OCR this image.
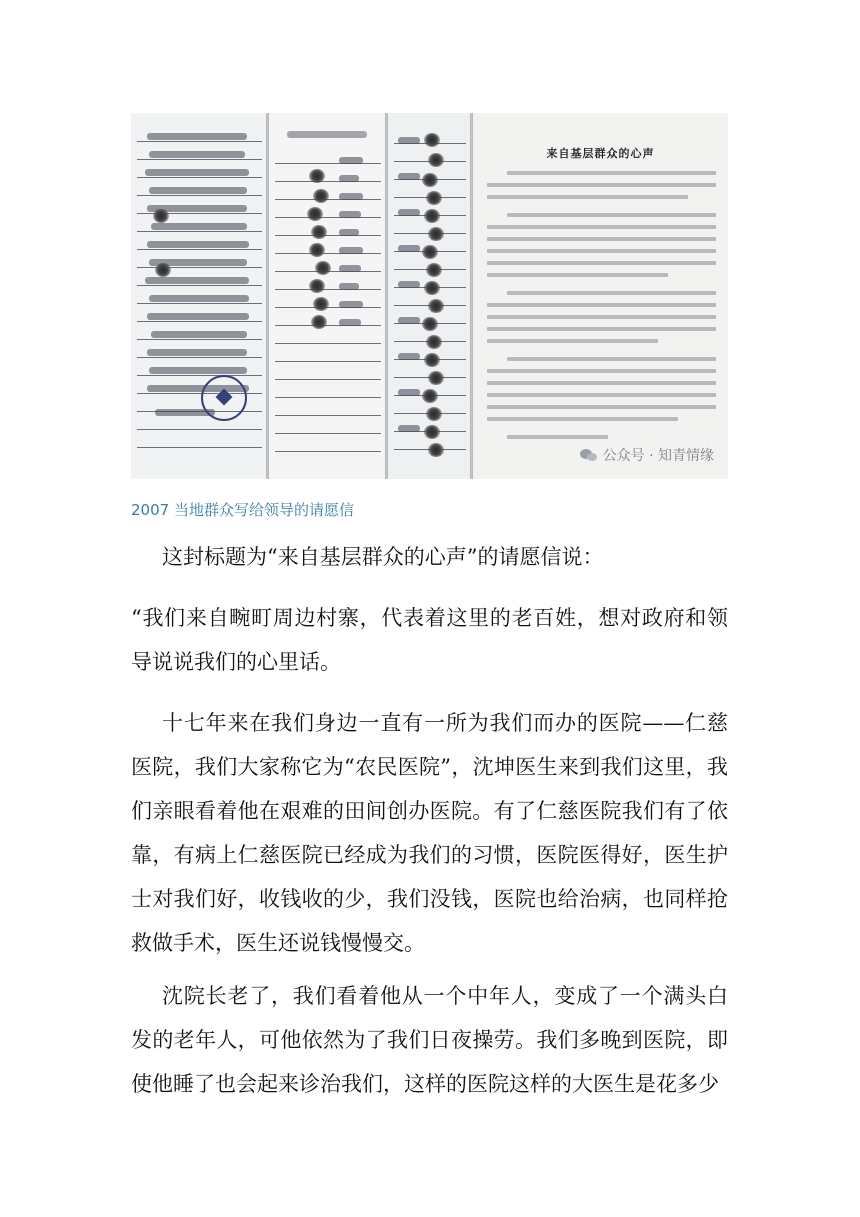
来自基层群众的心声
公众号 · 知青情缘
2007 当地群众写给领导的请愿信

这封标题为“来自基层群众的心声”的请愿信说：

“我们来自畹町周边村寨，代表着这里的老百姓，想对政府和领导说说我们的心里话。

十七年来在我们身边一直有一所为我们而办的医院——仁慈医院，我们大家称它为“农民医院”，沈坤医生来到我们这里，我们亲眼看着他在艰难的田间创办医院。有了仁慈医院我们有了依靠，有病上仁慈医院已经成为我们的习惯，医院医得好，医生护士对我们好，收钱收的少，我们没钱，医院也给治病，也同样抢救做手术，医生还说钱慢慢交。

沈院长老了，我们看着他从一个中年人，变成了一个满头白发的老年人，可他依然为了我们日夜操劳。我们多晚到医院，即使他睡了也会起来诊治我们，这样的医院这样的大医生是花多少
